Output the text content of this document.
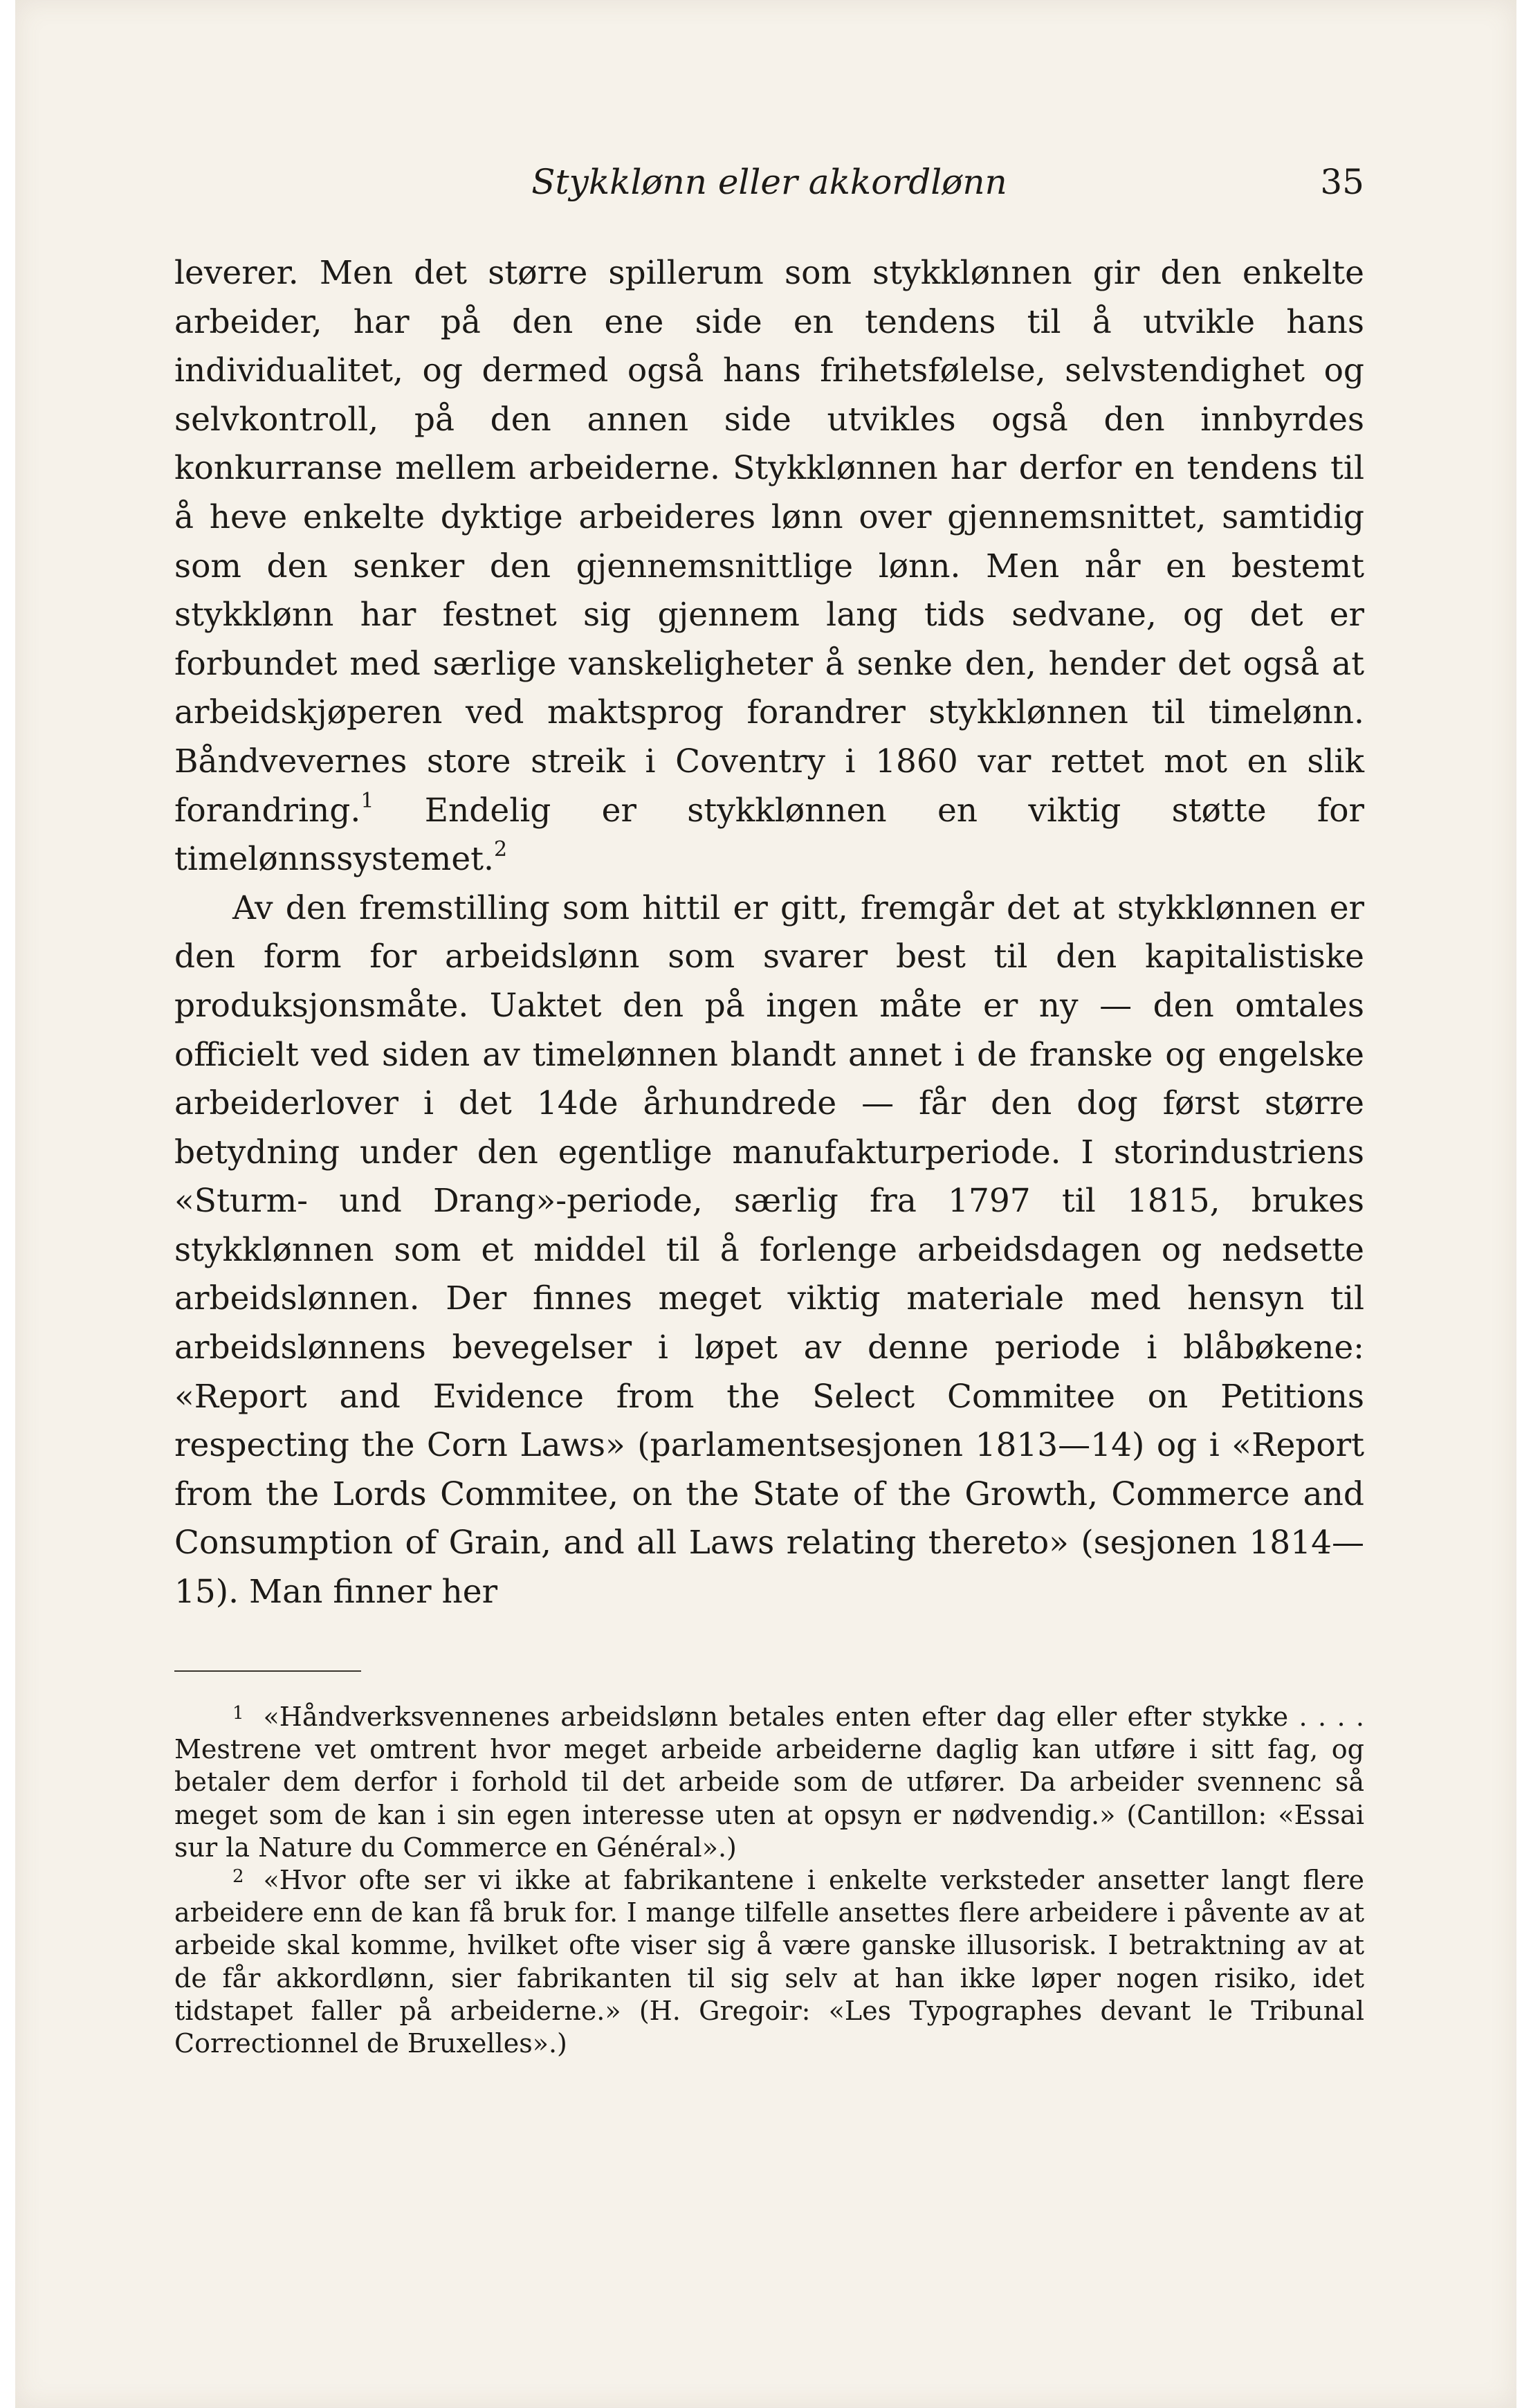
Stykklønn eller akkordlønn	35

leverer. Men det større spillerum som stykklønnen gir den enkelte arbeider, har på den ene side en tendens til å utvikle hans individualitet, og dermed også hans frihetsfølelse, selvstendighet og selvkontroll, på den annen side utvikles også den innbyrdes konkurranse mellem arbeiderne. Stykklønnen har derfor en tendens til å heve enkelte dyktige arbeideres lønn over gjennemsnittet, samtidig som den senker den gjennemsnittlige lønn. Men når en bestemt stykklønn har festnet sig gjennem lang tids sedvane, og det er forbundet med særlige vanskeligheter å senke den, hender det også at arbeidskjøperen ved maktsprog forandrer stykklønnen til timelønn. Båndvevernes store streik i Coventry i 1860 var rettet mot en slik forandring.$^1$ Endelig er stykklønnen en viktig støtte for timelønnssystemet.$^2$

Av den fremstilling som hittil er gitt, fremgår det at stykklønnen er den form for arbeidslønn som svarer best til den kapitalistiske produksjonsmåte. Uaktet den på ingen måte er ny — den omtales officielt ved siden av timelønnen blandt annet i de franske og engelske arbeiderlover i det 14de århundrede — får den dog først større betydning under den egentlige manufakturperiode. I storindustriens «Sturm- und Drang»-periode, særlig fra 1797 til 1815, brukes stykklønnen som et middel til å forlenge arbeidsdagen og nedsette arbeidslønnen. Der finnes meget viktig materiale med hensyn til arbeidslønnens bevegelser i løpet av denne periode i blåbøkene: «Report and Evidence from the Select Commitee on Petitions respecting the Corn Laws» (parlamentsesjonen 1813—14) og i «Report from the Lords Commitee, on the State of the Growth, Commerce and Consumption of Grain, and all Laws relating thereto» (sesjonen 1814—15). Man finner her

$^1$ «Håndverksvennenes arbeidslønn betales enten efter dag eller efter stykke . . . . Mestrene vet omtrent hvor meget arbeide arbeiderne daglig kan utføre i sitt fag, og betaler dem derfor i forhold til det arbeide som de utfører. Da arbeider svennenc så meget som de kan i sin egen interesse uten at opsyn er nødvendig.» (Cantillon: «Essai sur la Nature du Commerce en Général».)

$^2$ «Hvor ofte ser vi ikke at fabrikantene i enkelte verksteder ansetter langt flere arbeidere enn de kan få bruk for. I mange tilfelle ansettes flere arbeidere i påvente av at arbeide skal komme, hvilket ofte viser sig å være ganske illusorisk. I betraktning av at de får akkordlønn, sier fabrikanten til sig selv at han ikke løper nogen risiko, idet tidstapet faller på arbeiderne.» (H. Gregoir: «Les Typographes devant le Tribunal Correctionnel de Bruxelles».)
